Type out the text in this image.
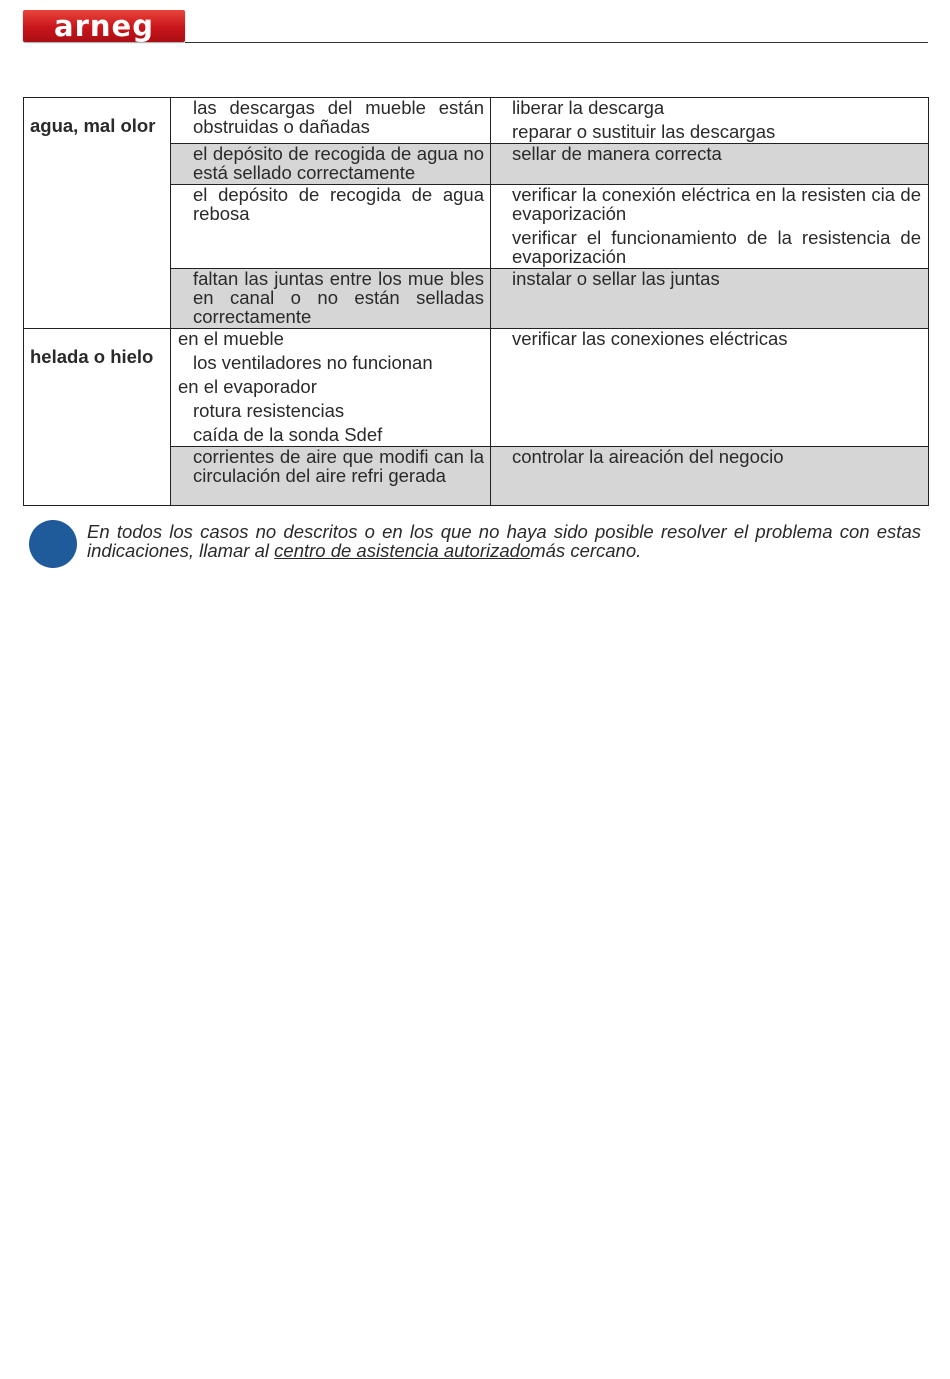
arneg
agua, mal olor	las descargas del mueble están obstruidas o dañadas	liberar la descarga
reparar o sustituir las descargas

	el depósito de recogida de agua no está sellado correctamente	sellar de manera correcta

	el depósito de recogida de agua rebosa	verificar la conexión eléctrica en la resisten cia de evaporización
verificar el funcionamiento de la resistencia de evaporización

	faltan las juntas entre los mue bles en canal o no están selladas correctamente	instalar o sellar las juntas

helada o hielo	en el mueble
los ventiladores no funcionan
en el evaporador
rotura resistencias
caída de la sonda Sdef	verificar las conexiones eléctricas

	corrientes de aire que modifi can la circulación del aire refri gerada	controlar la aireación del negocio
En todos los casos no descritos o en los que no haya sido posible resolver el problema con estas indicaciones, llamar al centro de asistencia autorizadomás cercano.
